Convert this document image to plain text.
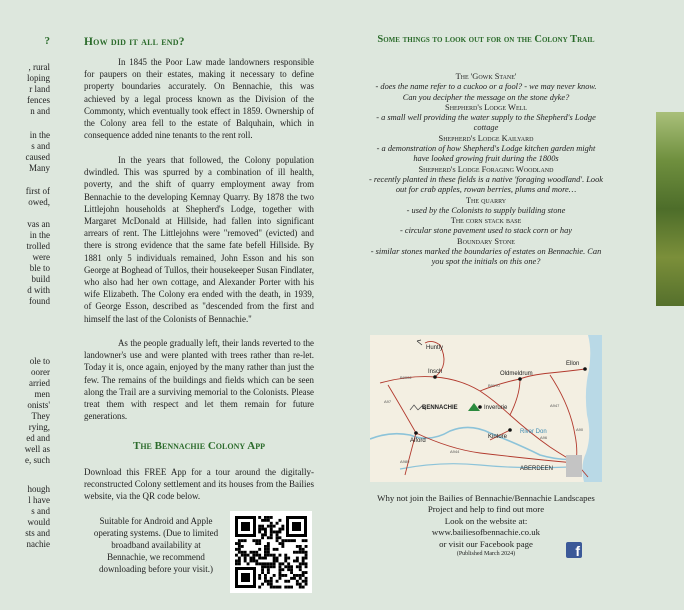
?
, rural
loping
r land
fences
n and
in the
s and
caused
Many
first of
owed,
vas an
in the
trolled
were
ble to
build
d with
found
ole to
oorer
arried
men
onists'
They
rying,
ed and
well as
e, such
hough
l have
s and
would
sts and
nachie
How did it all end?

In 1845 the Poor Law made landowners responsible for paupers on their estates, making it necessary to define property boundaries accurately. On Bennachie, this was achieved by a legal process known as the Division of the Commonty, which eventually took effect in 1859. Ownership of the Colony area fell to the estate of Balquhain, which in consequence added nine tenants to the rent roll.

In the years that followed, the Colony population dwindled. This was spurred by a combination of ill health, poverty, and the shift of quarry employment away from Bennachie to the developing Kemnay Quarry. By 1878 the two Littlejohn households at Shepherd's Lodge, together with Margaret McDonald at Hillside, had fallen into significant arrears of rent. The Littlejohns were "removed" (evicted) and there is strong evidence that the same fate befell Hillside. By 1881 only 5 individuals remained, John Esson and his son George at Boghead of Tullos, their housekeeper Susan Findlater, who also had her own cottage, and Alexander Porter with his wife Elizabeth. The Colony era ended with the death, in 1939, of George Esson, described as "descended from the first and himself the last of the Colonists of Bennachie."

As the people gradually left, their lands reverted to the landowner's use and were planted with trees rather than re-let. Today it is, once again, enjoyed by the many rather than just the few. The remains of the buildings and fields which can be seen along the Trail are a surviving memorial to the Colonists. Please treat them with respect and let them remain for future generations.

The Bennachie Colony App

Download this FREE App for a tour around the digitally-reconstructed Colony settlement and its houses from the Bailies website, via the QR code below.

Suitable for Android and Apple operating systems. (Due to limited broadband availability at Bennachie, we recommend downloading before your visit.)

Some things to look out for on the Colony Trail
The 'Gowk Stane'
- does the name refer to a cuckoo or a fool? - we may never know. Can you decipher the message on the stone dyke?
Shepherd's Lodge Well
- a small well providing the water supply to the Shepherd's Lodge cottage
Shepherd's Lodge Kailyard
- a demonstration of how Shepherd's Lodge kitchen garden might have looked growing fruit during the 1800s
Shepherd's Lodge Foraging Woodland
- recently planted in these fields is a native 'foraging woodland'. Look out for crab apples, rowan berries, plums and more…
The quarry
- used by the Colonists to supply building stone
The corn stack base
- circular stone pavement used to stack corn or hay
Boundary Stone
- similar stones marked the boundaries of estates on Bennachie. Can you spot the initials on this one?
Huntly
Insch	Oldmeldrum
Ellon
BENNACHIE	Inverurie
Alford
Kintore
ABERDEEN
River Don
B9002
B9170
A96
A944
A947
A980
A90
A97
Why not join the Bailies of Bennachie/Bennachie Landscapes Project and help to find out more
Look on the website at:
www.bailiesofbennachie.co.uk
or visit our Facebook page
(Published March 2024)	f
